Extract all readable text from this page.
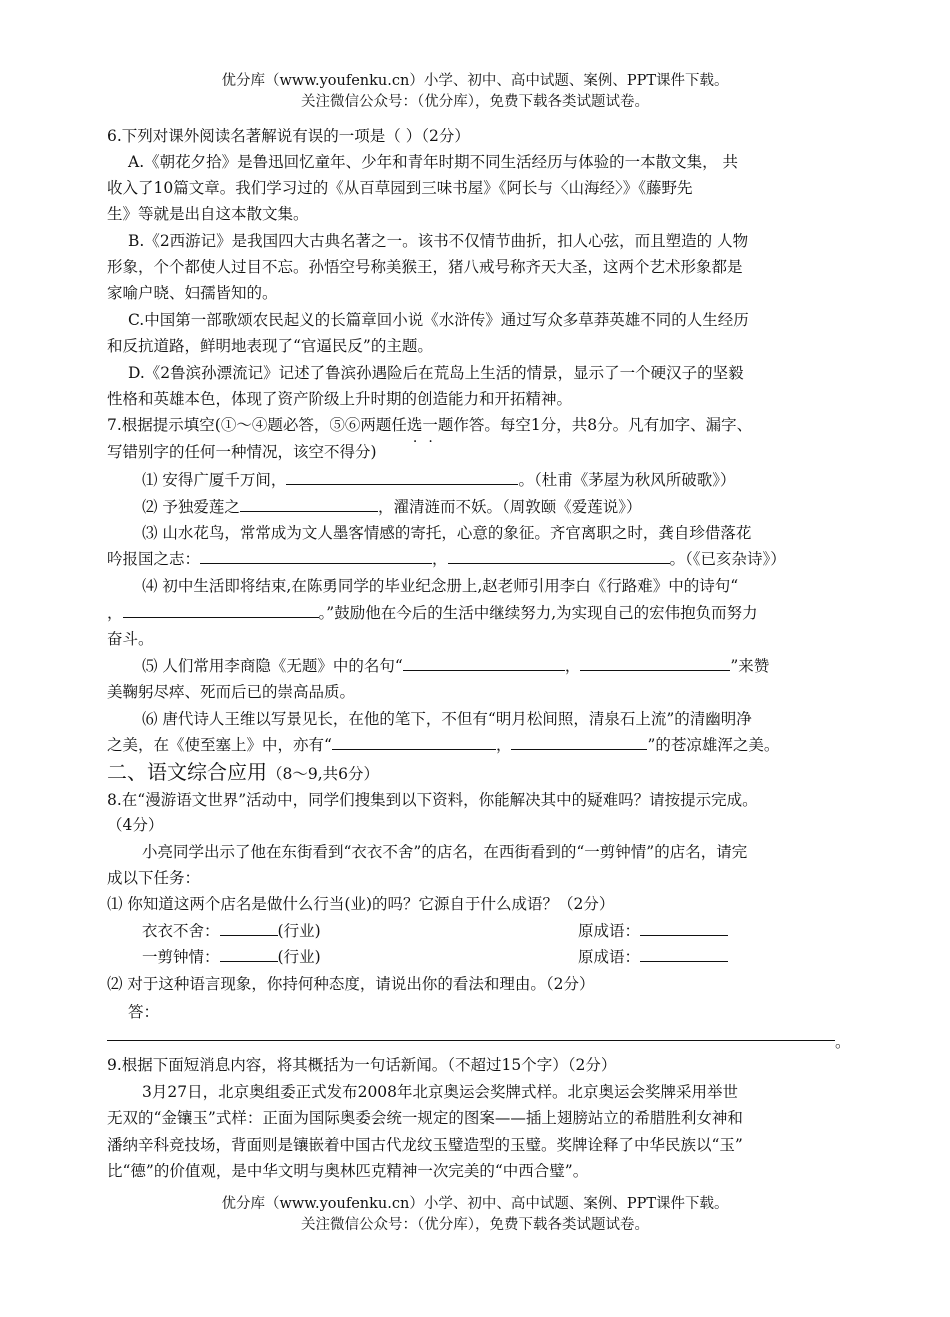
优分库（www.youfenku.cn）小学、初中、高中试题、案例、PPT课件下载。
关注微信公众号：（优分库），免费下载各类试题试卷。
6.下列对课外阅读名著解说有误的一项是（ ）（2分）
A.《朝花夕拾》是鲁迅回忆童年、少年和青年时期不同生活经历与体验的一本散文集， 共
收入了10篇文章。我们学习过的《从百草园到三味书屋》《阿长与〈山海经〉》《藤野先
生》等就是出自这本散文集。
B.《2西游记》是我国四大古典名著之一。该书不仅情节曲折，扣人心弦，而且塑造的 人物
形象，个个都使人过目不忘。孙悟空号称美猴王，猪八戒号称齐天大圣，这两个艺术形象都是
家喻户晓、妇孺皆知的。
C.中国第一部歌颂农民起义的长篇章回小说《水浒传》通过写众多草莽英雄不同的人生经历
和反抗道路，鲜明地表现了“官逼民反”的主题。
D.《2鲁滨孙漂流记》记述了鲁滨孙遇险后在荒岛上生活的情景，显示了一个硬汉子的坚毅
性格和英雄本色，体现了资产阶级上升时期的创造能力和开拓精神。
7.根据提示填空(①～④题必答，⑤⑥两题任选一题作答。每空1分，共8分。凡有加字、漏字、
写错别字的任何一种情况，该空不得分)
⑴ 安得广厦千万间，	。（杜甫《茅屋为秋风所破歌》）
⑵ 予独爱莲之	，濯清涟而不妖。（周敦颐《爱莲说》）
⑶ 山水花鸟，常常成为文人墨客情感的寄托，心意的象征。齐官离职之时，龚自珍借落花
吟报国之志：	，	。（《已亥杂诗》）
⑷ 初中生活即将结束,在陈勇同学的毕业纪念册上,赵老师引用李白《行路难》中的诗句“
，	。”鼓励他在今后的生活中继续努力,为实现自己的宏伟抱负而努力
奋斗。
⑸ 人们常用李商隐《无题》中的名句“	，	”来赞
美鞠躬尽瘁、死而后已的崇高品质。
⑹ 唐代诗人王维以写景见长，在他的笔下，不但有“明月松间照，清泉石上流”的清幽明净
之美，在《使至塞上》中，亦有“	，	”的苍凉雄浑之美。
二、语文综合应用（8～9,共6分）
8.在“漫游语文世界”活动中，同学们搜集到以下资料，你能解决其中的疑难吗？请按提示完成。
（4分）
小亮同学出示了他在东街看到“衣衣不舍”的店名，在西街看到的“一剪钟情”的店名，请完
成以下任务：
⑴ 你知道这两个店名是做什么行当(业)的吗？它源自于什么成语？（2分）
衣衣不舍：	(行业)	原成语：
一剪钟情：	(行业)	原成语：
⑵ 对于这种语言现象，你持何种态度，请说出你的看法和理由。（2分）
答：
。
9.根据下面短消息内容，将其概括为一句话新闻。（不超过15个字）（2分）
3月27日，北京奥组委正式发布2008年北京奥运会奖牌式样。北京奥运会奖牌采用举世
无双的“金镶玉”式样：正面为国际奥委会统一规定的图案——插上翅膀站立的希腊胜利女神和
潘纳辛科竞技场，背面则是镶嵌着中国古代龙纹玉璧造型的玉璧。奖牌诠释了中华民族以“玉”
比“德”的价值观，是中华文明与奥林匹克精神一次完美的“中西合璧”。
优分库（www.youfenku.cn）小学、初中、高中试题、案例、PPT课件下载。
关注微信公众号：（优分库），免费下载各类试题试卷。
